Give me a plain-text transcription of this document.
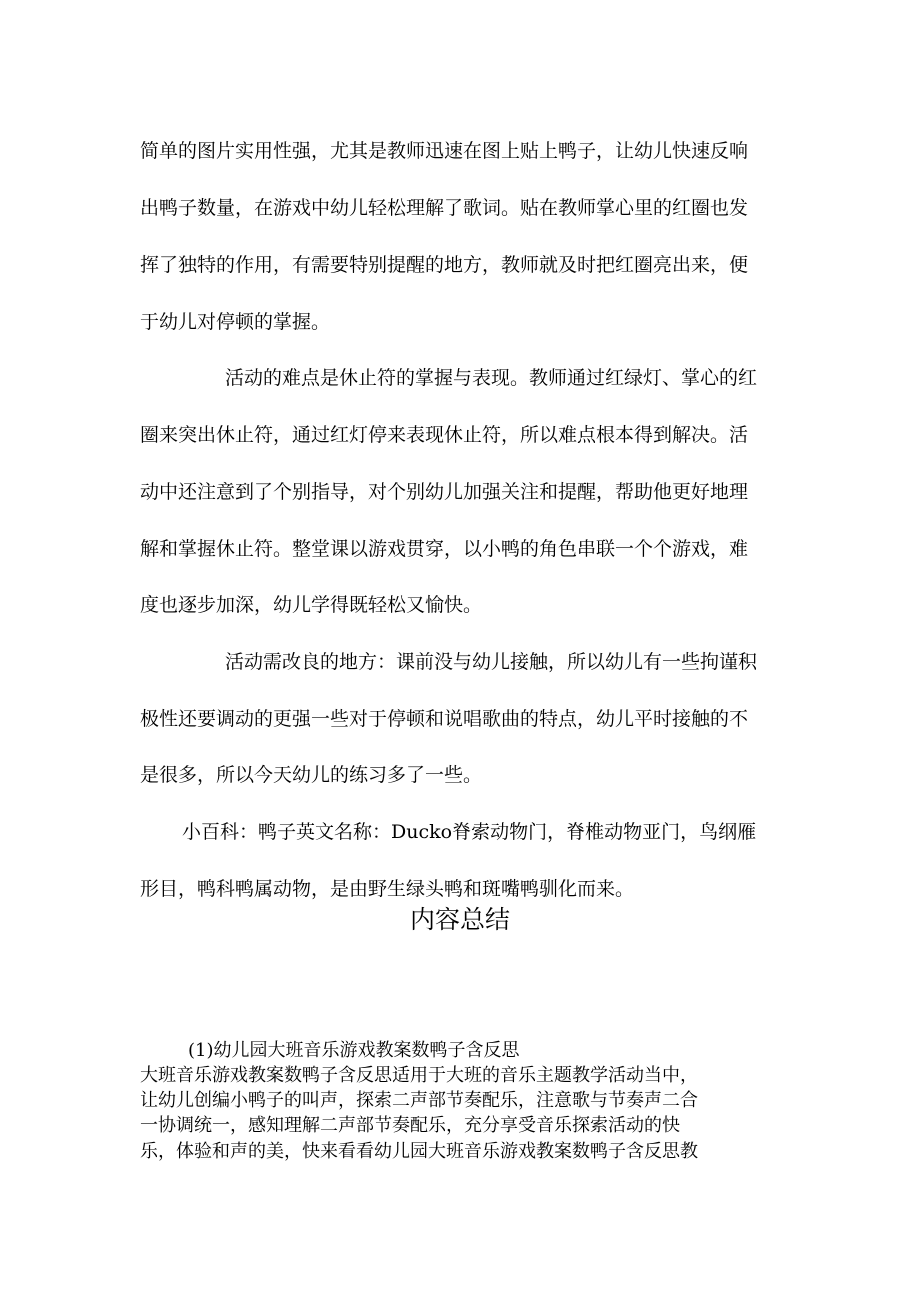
简单的图片实用性强，尤其是教师迅速在图上贴上鸭子，让幼儿快速反响
出鸭子数量，在游戏中幼儿轻松理解了歌词。贴在教师掌心里的红圈也发
挥了独特的作用，有需要特别提醒的地方，教师就及时把红圈亮出来，便
于幼儿对停顿的掌握。
活动的难点是休止符的掌握与表现。教师通过红绿灯、掌心的红
圈来突出休止符，通过红灯停来表现休止符，所以难点根本得到解决。活
动中还注意到了个别指导，对个别幼儿加强关注和提醒，帮助他更好地理
解和掌握休止符。整堂课以游戏贯穿，以小鸭的角色串联一个个游戏，难
度也逐步加深，幼儿学得既轻松又愉快。
活动需改良的地方：课前没与幼儿接触，所以幼儿有一些拘谨积
极性还要调动的更强一些对于停顿和说唱歌曲的特点，幼儿平时接触的不
是很多，所以今天幼儿的练习多了一些。
小百科：鸭子英文名称：Ducko脊索动物门，脊椎动物亚门，鸟纲雁
形目，鸭科鸭属动物，是由野生绿头鸭和斑嘴鸭驯化而来。
内容总结
(1)幼儿园大班音乐游戏教案数鸭子含反思
大班音乐游戏教案数鸭子含反思适用于大班的音乐主题教学活动当中，
让幼儿创编小鸭子的叫声，探索二声部节奏配乐，注意歌与节奏声二合
一协调统一，感知理解二声部节奏配乐，充分享受音乐探索活动的快
乐，体验和声的美，快来看看幼儿园大班音乐游戏教案数鸭子含反思教
